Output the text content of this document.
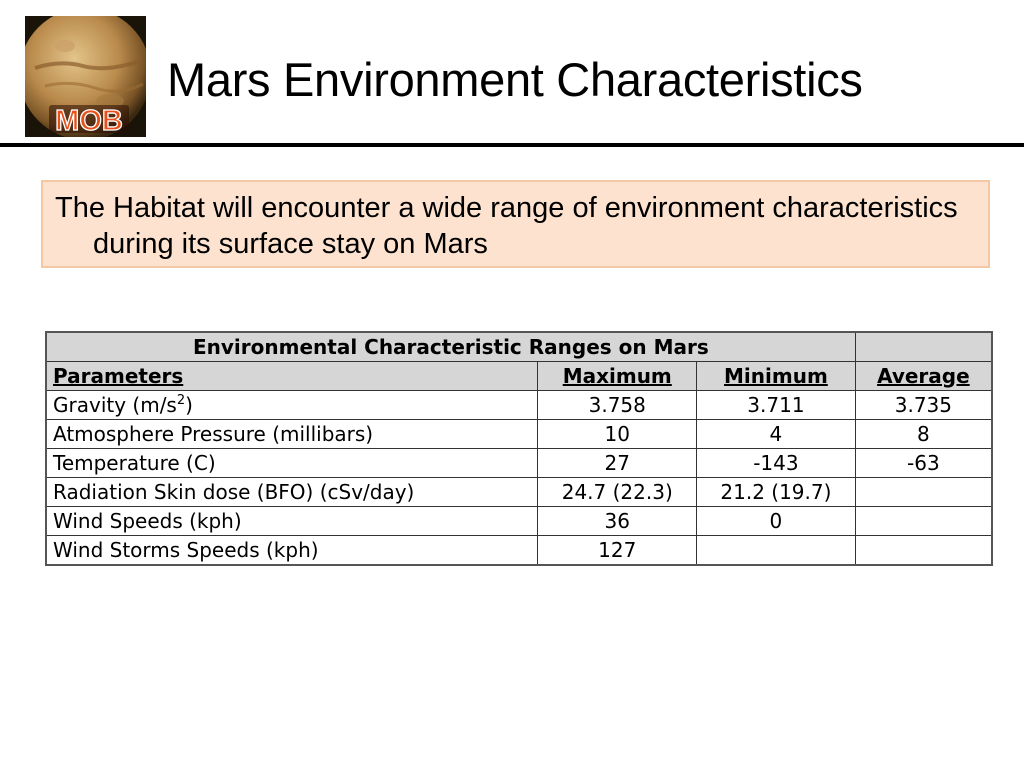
MOB
Mars Environment Characteristics
The Habitat will encounter a wide range of environment characteristics during its surface stay on Mars
Environmental Characteristic Ranges on Mars			
Parameters	Maximum	Minimum	Average
Gravity $(m/s^2)$	3.758	3.711	3.735
Atmosphere Pressure (millibars)	10	4	8
Temperature (C)	27	-143	-63
Radiation Skin dose (BFO) (cSv/day)	24.7 (22.3)	21.2 (19.7)	
Wind Speeds (kph)	36	0	
Wind Storms Speeds (kph)	127		
